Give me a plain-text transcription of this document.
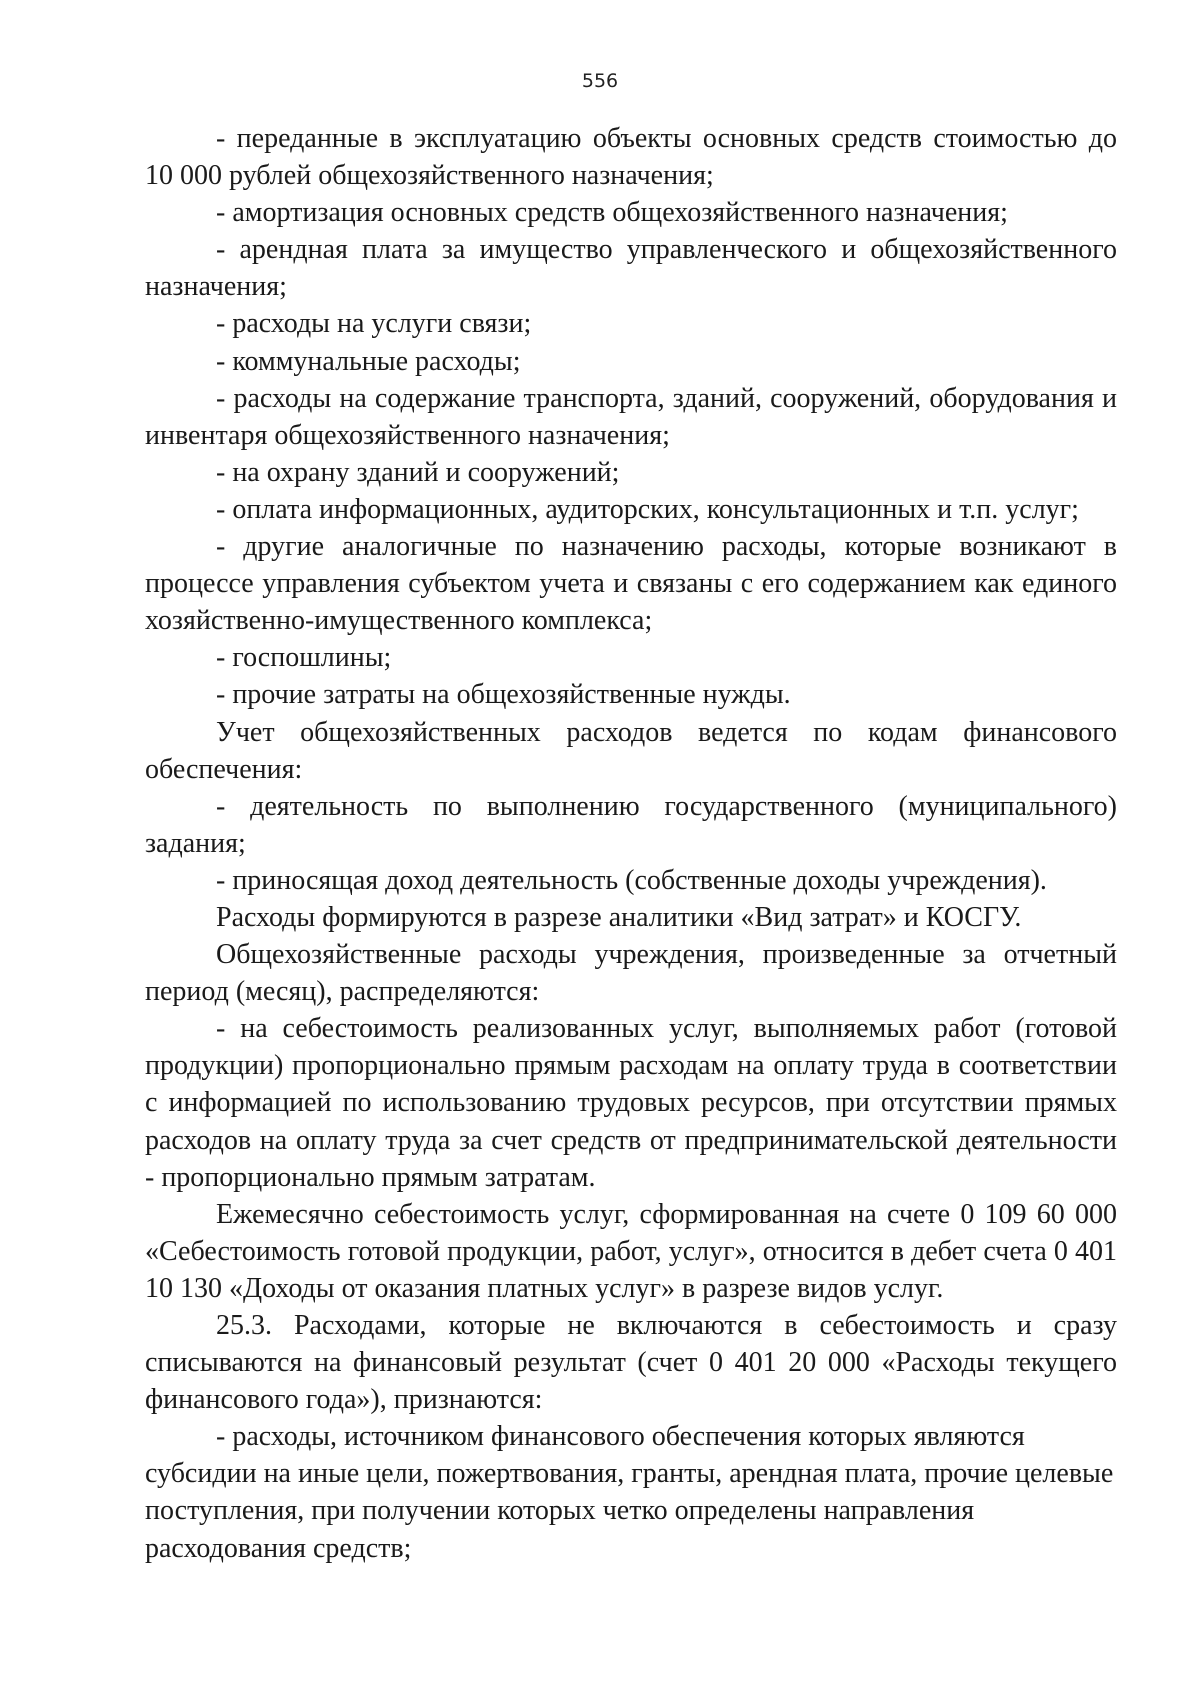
556

- переданные в эксплуатацию объекты основных средств стоимостью до 10 000 рублей общехозяйственного назначения;

- амортизация основных средств общехозяйственного назначения;

- арендная плата за имущество управленческого и общехозяйственного назначения;

- расходы на услуги связи;

- коммунальные расходы;

- расходы на содержание транспорта, зданий, сооружений, оборудования и инвентаря общехозяйственного назначения;

- на охрану зданий и сооружений;

- оплата информационных, аудиторских, консультационных и т.п. услуг;

- другие аналогичные по назначению расходы, которые возникают в процессе управления субъектом учета и связаны с его содержанием как единого хозяйственно-имущественного комплекса;

- госпошлины;

- прочие затраты на общехозяйственные нужды.

Учет общехозяйственных расходов ведется по кодам финансового обеспечения:

- деятельность по выполнению государственного (муниципального) задания;

- приносящая доход деятельность (собственные доходы учреждения).

Расходы формируются в разрезе аналитики «Вид затрат» и КОСГУ.

Общехозяйственные расходы учреждения, произведенные за отчетный период (месяц), распределяются:

- на себестоимость реализованных услуг, выполняемых работ (готовой продукции) пропорционально прямым расходам на оплату труда в соответствии с информацией по использованию трудовых ресурсов, при отсутствии прямых расходов на оплату труда за счет средств от предпринимательской деятельности - пропорционально прямым затратам.

Ежемесячно себестоимость услуг, сформированная на счете 0 109 60 000 «Себестоимость готовой продукции, работ, услуг», относится в дебет счета 0 401 10 130 «Доходы от оказания платных услуг» в разрезе видов услуг.

25.3. Расходами, которые не включаются в себестоимость и сразу списываются на финансовый результат (счет 0 401 20 000 «Расходы текущего финансового года»), признаются:

- расходы, источником финансового обеспечения которых являются субсидии на иные цели, пожертвования, гранты, арендная плата, прочие целевые поступления, при получении которых четко определены направления расходования средств;
